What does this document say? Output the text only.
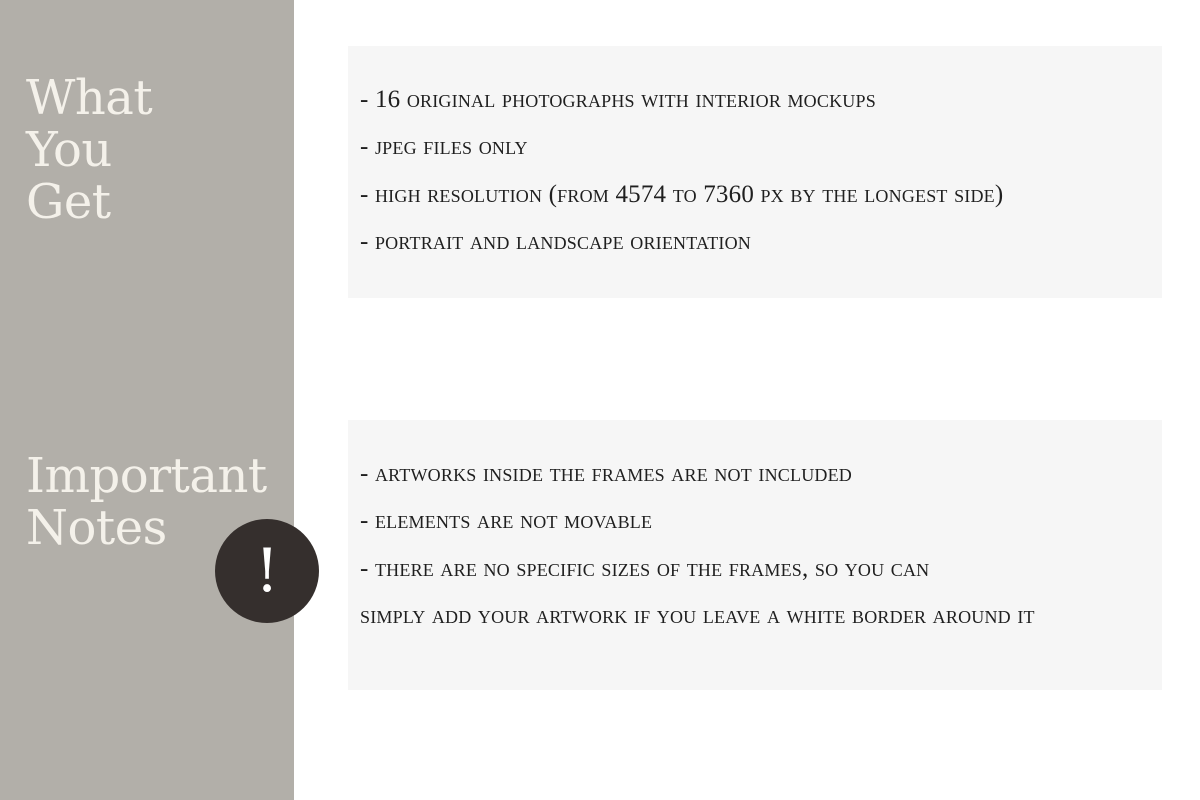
What
You
Get
- 16 original photographs with interior mockups
- jpeg files only
- high resolution (from 4574 to 7360 px by the longest side)
- portrait and landscape orientation
Important
Notes
- artworks inside the frames are not included
- elements are not movable
- there are no specific sizes of the frames, so you can
simply add your artwork if you leave a white border around it
!
